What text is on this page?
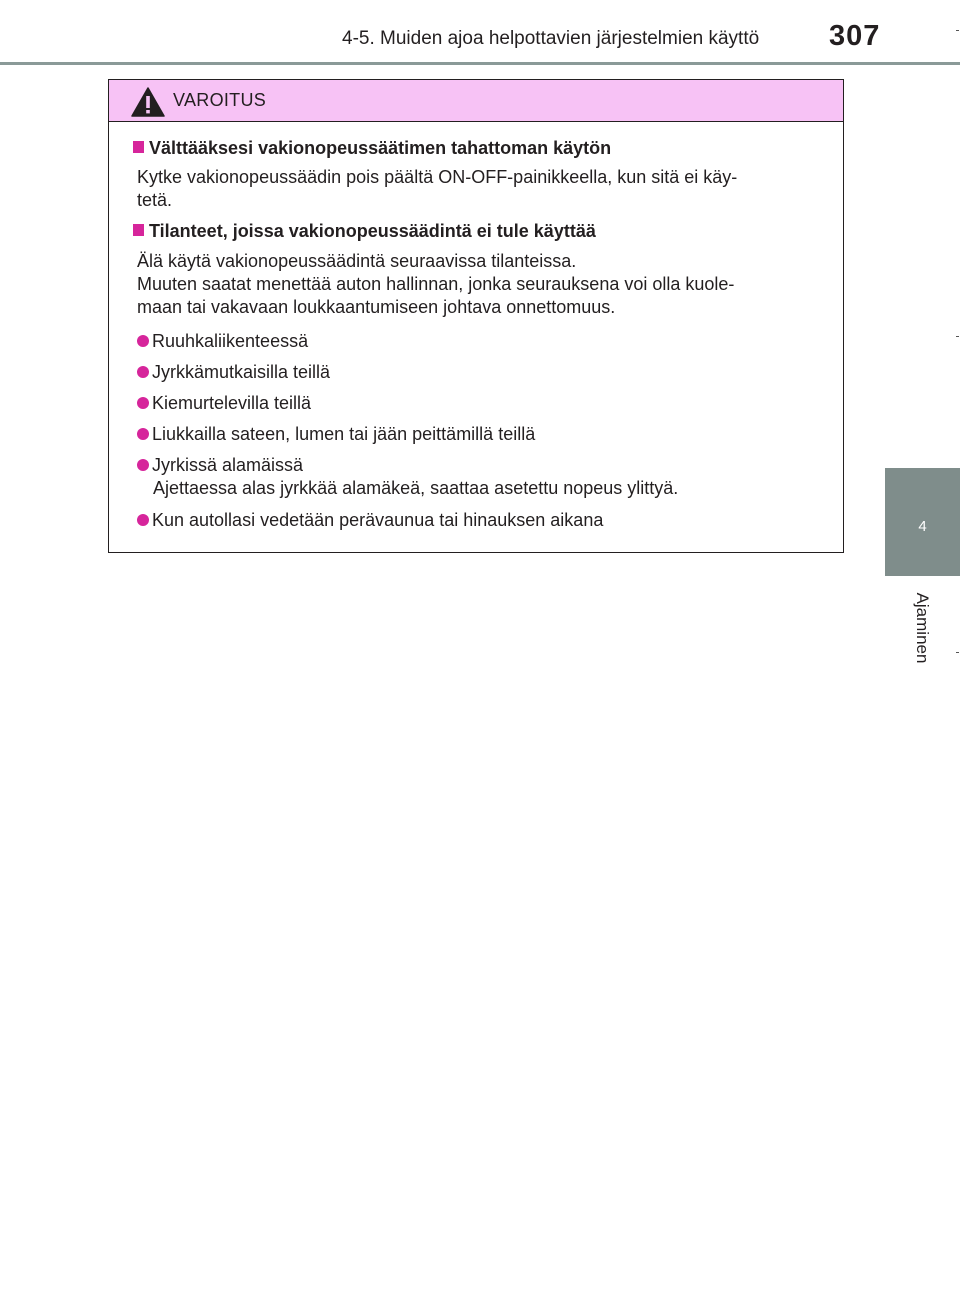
4-5. Muiden ajoa helpottavien järjestelmien käyttö 307
4
Ajaminen
VAROITUS
Välttääksesi vakionopeussäätimen tahattoman käytön
Kytke vakionopeussäädin pois päältä ON-OFF-painikkeella, kun sitä ei käy-
tetä.
Tilanteet, joissa vakionopeussäädintä ei tule käyttää
Älä käytä vakionopeussäädintä seuraavissa tilanteissa.
Muuten saatat menettää auton hallinnan, jonka seurauksena voi olla kuole-
maan tai vakavaan loukkaantumiseen johtava onnettomuus.
Ruuhkaliikenteessä
Jyrkkämutkaisilla teillä
Kiemurtelevilla teillä
Liukkailla sateen, lumen tai jään peittämillä teillä
Jyrkissä alamäissä
Ajettaessa alas jyrkkää alamäkeä, saattaa asetettu nopeus ylittyä.
Kun autollasi vedetään perävaunua tai hinauksen aikana
